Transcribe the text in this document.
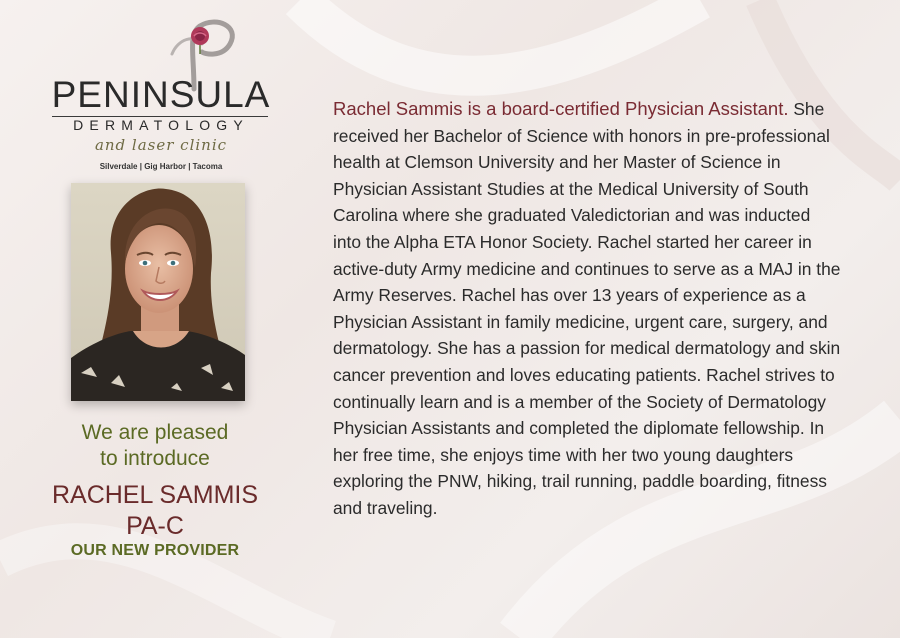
PENINSULA
DERMATOLOGY
and laser clinic
Silverdale | Gig Harbor | Tacoma
We are pleased
to introduce
RACHEL SAMMIS
PA-C
OUR NEW PROVIDER
Rachel Sammis is a board-certified Physician Assistant. She received her Bachelor of Science with honors in pre-professional health at Clemson University and her Master of Science in Physician Assistant Studies at the Medical University of South Carolina where she graduated Valedictorian and was inducted into the Alpha ETA Honor Society. Rachel started her career in active-duty Army medicine and continues to serve as a MAJ in the Army Reserves. Rachel has over 13 years of experience as a Physician Assistant in family medicine, urgent care, surgery, and dermatology. She has a passion for medical dermatology and skin cancer prevention and loves educating patients. Rachel strives to continually learn and is a member of the Society of Dermatology Physician Assistants and completed the diplomate fellowship. In her free time, she enjoys time with her two young daughters exploring the PNW, hiking, trail running, paddle boarding, fitness and traveling.
